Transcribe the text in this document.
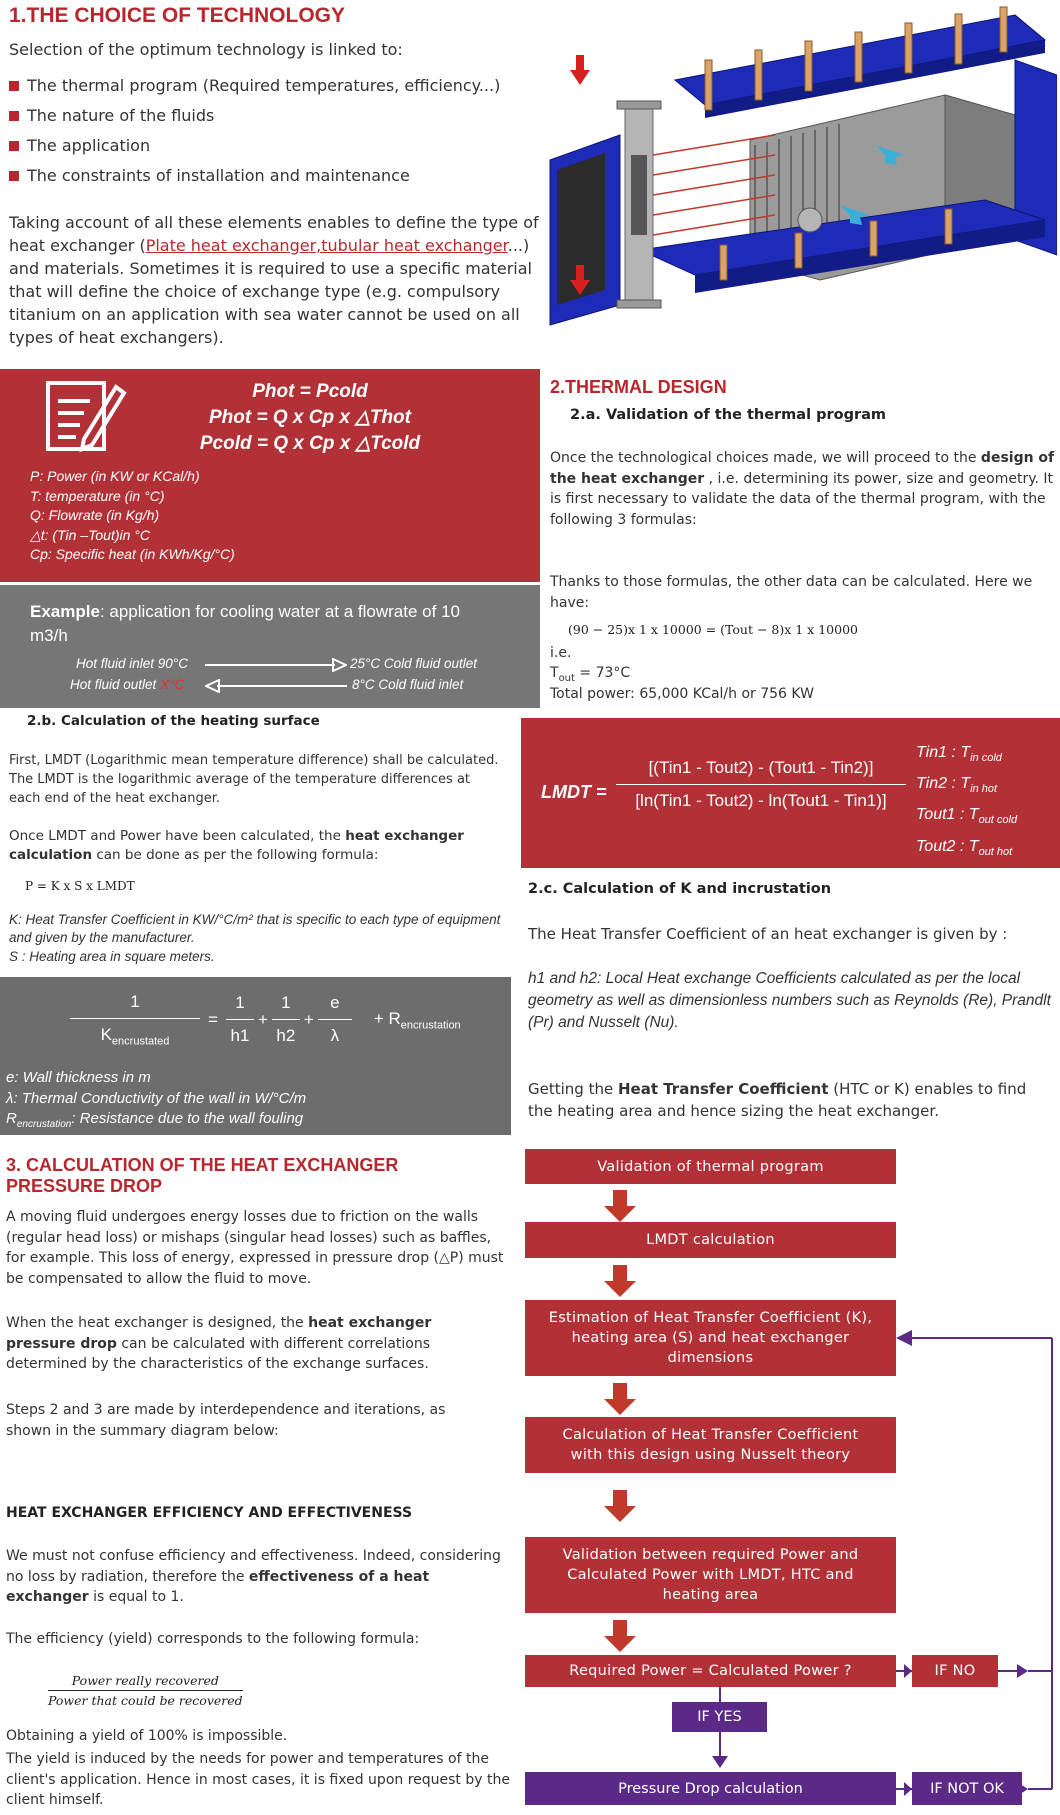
1.THE CHOICE OF TECHNOLOGY
Selection of the optimum technology is linked to:
The thermal program (Required temperatures, efficiency...)
The nature of the fluids
The application
The constraints of installation and maintenance
Taking account of all these elements enables to define the type of heat exchanger (Plate heat exchanger,tubular heat exchanger...) and materials. Sometimes it is required to use a specific material that will define the choice of exchange type (e.g. compulsory titanium on an application with sea water cannot be used on all types of heat exchangers).
Phot = Pcold
Phot = Q x Cp x △Thot
Pcold = Q x Cp x △Tcold
P: Power (in KW or KCal/h)
T: temperature (in °C)
Q: Flowrate (in Kg/h)
△t: (Tin –Tout)in °C
Cp: Specific heat (in KWh/Kg/°C)
Example: application for cooling water at a flowrate of 10 m3/h
Hot fluid inlet 90°C	25°C Cold fluid outlet
Hot fluid outlet X°C	8°C Cold fluid inlet
2.THERMAL DESIGN
2.a. Validation of the thermal program
Once the technological choices made, we will proceed to the design of the heat exchanger , i.e. determining its power, size and geometry. It is first necessary to validate the data of the thermal program, with the following 3 formulas:
Thanks to those formulas, the other data can be calculated. Here we have:
(90 − 25)x 1 x 10000 = (Tout − 8)x 1 x 10000
i.e.
$T_{out} = 73^\circ C$
Total power: 65,000 KCal/h or 756 KW
2.b. Calculation of the heating surface
First, LMDT (Logarithmic mean temperature difference) shall be calculated. The LMDT is the logarithmic average of the temperature differences at each end of the heat exchanger.
Once LMDT and Power have been calculated, the heat exchanger calculation can be done as per the following formula:
P = K x S x LMDT
K: Heat Transfer Coefficient in KW/°C/m² that is specific to each type of equipment and given by the manufacturer.
S : Heating area in square meters.
LMDT =
[(Tin1 - Tout2) - (Tout1 - Tin2)]
[ln(Tin1 - Tout2) - ln(Tout1 - Tin1)]
Tin1 : $T_{in cold}$
Tin2 : $T_{in hot}$
Tout1 : $T_{out cold}$
Tout2 : $T_{out hot}$
2.c. Calculation of K and incrustation
The Heat Transfer Coefficient of an heat exchanger is given by :
h1 and h2: Local Heat exchange Coefficients calculated as per the local geometry as well as dimensionless numbers such as Reynolds (Re), Prandlt (Pr) and Nusselt (Nu).
Getting the Heat Transfer Coefficient (HTC or K) enables to find the heating area and hence sizing the heat exchanger.
1
$K_{encrustated}$
= $\frac{1}{h1} + \frac{1}{h2} + \frac{e}{\lambda} + R_{encrustation}$
e: Wall thickness in m
λ: Thermal Conductivity of the wall in W/°C/m
$R_{encrustation}$: Resistance due to the wall fouling
3. CALCULATION OF THE HEAT EXCHANGER PRESSURE DROP
A moving fluid undergoes energy losses due to friction on the walls (regular head loss) or mishaps (singular head losses) such as baffles, for example. This loss of energy, expressed in pressure drop (△P) must be compensated to allow the fluid to move.
When the heat exchanger is designed, the heat exchanger pressure drop can be calculated with different correlations determined by the characteristics of the exchange surfaces.
Steps 2 and 3 are made by interdependence and iterations, as shown in the summary diagram below:
HEAT EXCHANGER EFFICIENCY AND EFFECTIVENESS
We must not confuse efficiency and effectiveness. Indeed, considering no loss by radiation, therefore the effectiveness of a heat exchanger is equal to 1.
The efficiency (yield) corresponds to the following formula:
Power really recovered
Power that could be recovered
Obtaining a yield of 100% is impossible.
The yield is induced by the needs for power and temperatures of the client's application. Hence in most cases, it is fixed upon request by the client himself.
Validation of thermal program
LMDT calculation
Estimation of Heat Transfer Coefficient (K), heating area (S) and heat exchanger dimensions
Calculation of Heat Transfer Coefficient with this design using Nusselt theory
Validation between required Power and Calculated Power with LMDT, HTC and heating area
Required Power = Calculated Power ?	IF NO
IF YES
Pressure Drop calculation	IF NOT OK
